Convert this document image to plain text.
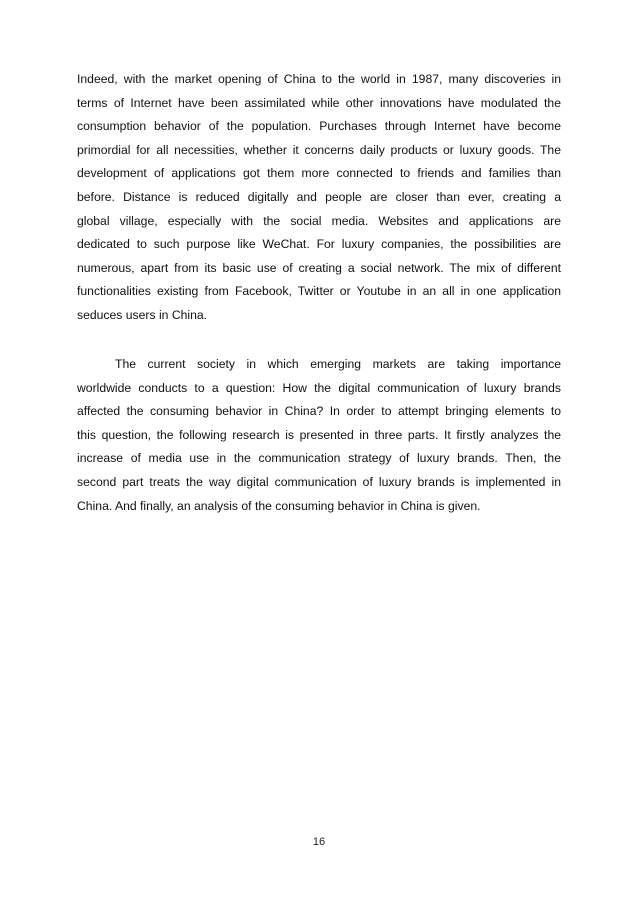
Indeed, with the market opening of China to the world in 1987, many discoveries in
terms of Internet have been assimilated while other innovations have modulated the
consumption behavior of the population. Purchases through Internet have become
primordial for all necessities, whether it concerns daily products or luxury goods. The
development of applications got them more connected to friends and families than
before. Distance is reduced digitally and people are closer than ever, creating a
global village, especially with the social media. Websites and applications are
dedicated to such purpose like WeChat. For luxury companies, the possibilities are
numerous, apart from its basic use of creating a social network. The mix of different
functionalities existing from Facebook, Twitter or Youtube in an all in one application
seduces users in China.

The current society in which emerging markets are taking importance
worldwide conducts to a question: How the digital communication of luxury brands
affected the consuming behavior in China? In order to attempt bringing elements to
this question, the following research is presented in three parts. It firstly analyzes the
increase of media use in the communication strategy of luxury brands. Then, the
second part treats the way digital communication of luxury brands is implemented in
China. And finally, an analysis of the consuming behavior in China is given.

16
